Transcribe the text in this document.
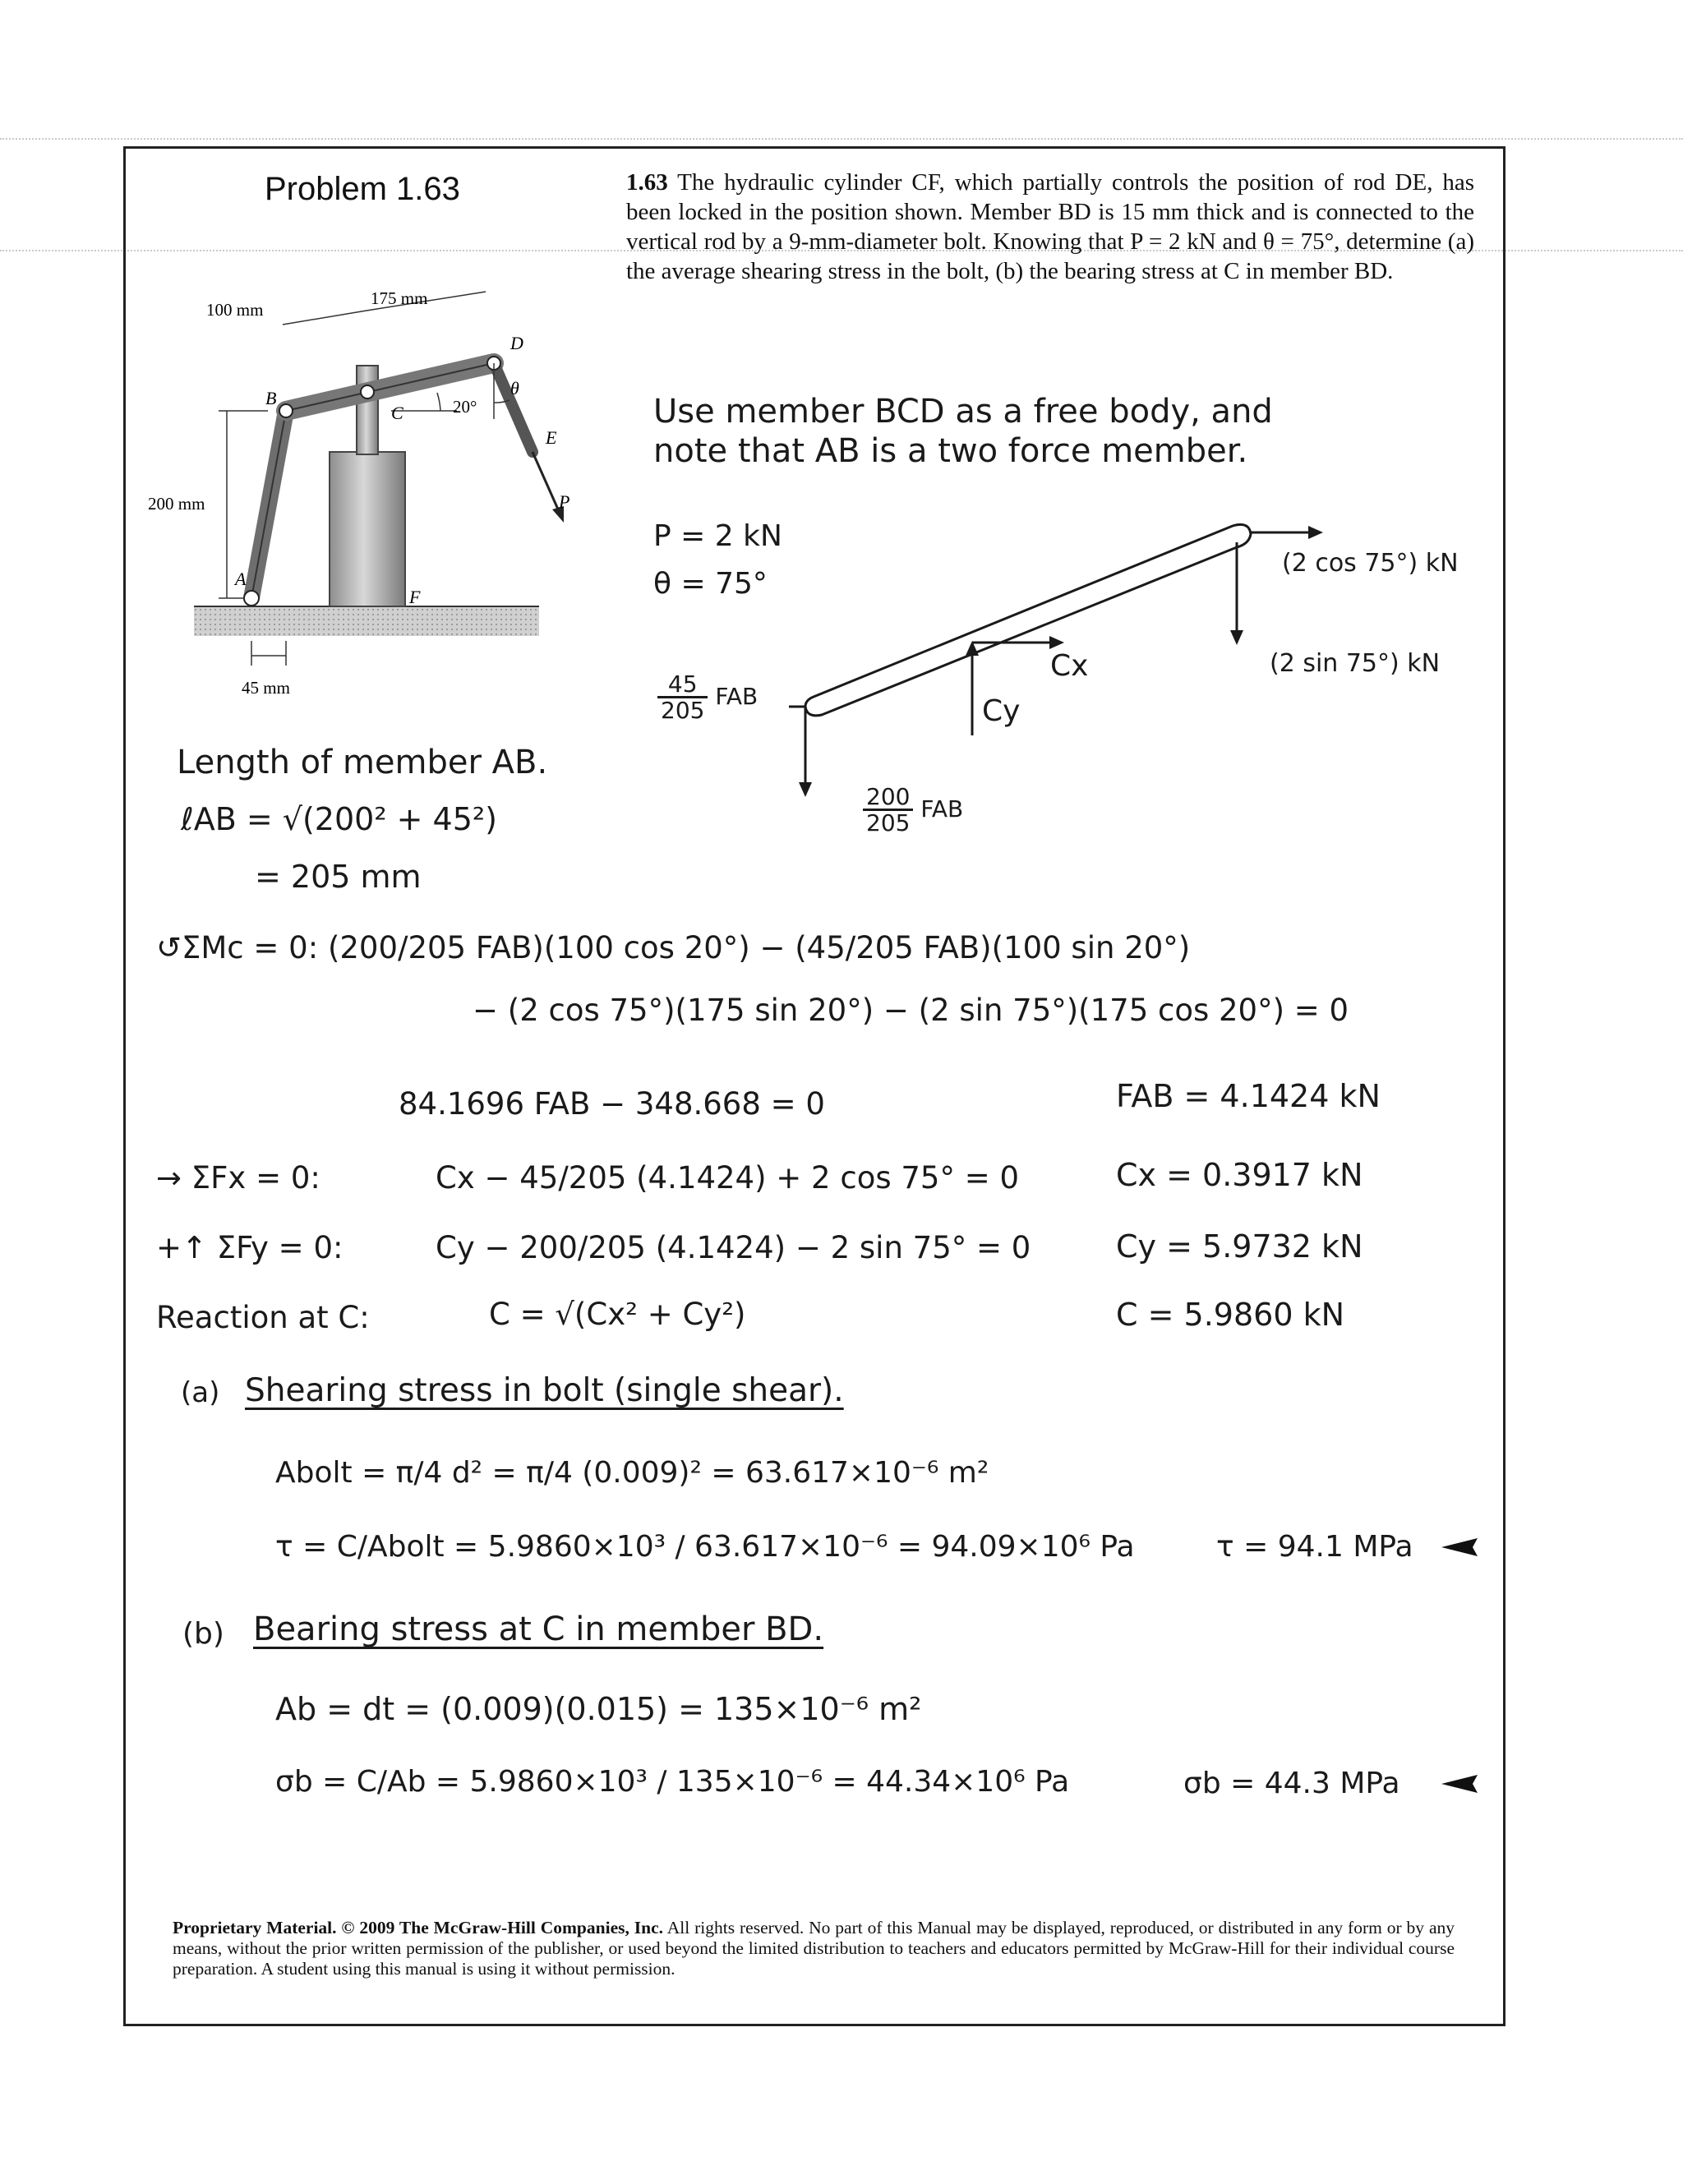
Problem 1.63	1.63 The hydraulic cylinder CF, which partially controls the position of rod DE, has been locked in the position shown. Member BD is 15 mm thick and is connected to the vertical rod by a 9-mm-diameter bolt. Knowing that P = 2 kN and θ = 75°, determine (a) the average shearing stress in the bolt, (b) the bearing stress at C in member BD.
100 mm
175 mm
200 mm
45 mm
20°
θ
A
B
C
D
E
F
P
Use member BCD as a free body, and
note that AB is a two force member.
P = 2 kN
θ = 75°
(2 cos 75°) kN
(2 sin 75°) kN
Cx
Cy
$\frac{45}{205}$ FAB
$\frac{200}{205}$ FAB
Length of member AB.
ℓAB = √(200² + 45²)
= 205 mm
↺ΣMc = 0: (200/205 FAB)(100 cos 20°) − (45/205 FAB)(100 sin 20°)
− (2 cos 75°)(175 sin 20°) − (2 sin 75°)(175 cos 20°) = 0
84.1696 FAB − 348.668 = 0	FAB = 4.1424 kN
→ ΣFx = 0:	Cx − 45/205 (4.1424) + 2 cos 75° = 0	Cx = 0.3917 kN
+↑ ΣFy = 0:	Cy − 200/205 (4.1424) − 2 sin 75° = 0	Cy = 5.9732 kN
Reaction at C:	C = √(Cx² + Cy²)	C = 5.9860 kN
(a) Shearing stress in bolt (single shear).
Abolt = π/4 d² = π/4 (0.009)² = 63.617×10⁻⁶ m²
τ = C/Abolt = 5.9860×10³ / 63.617×10⁻⁶ = 94.09×10⁶ Pa	τ = 94.1 MPa
(b) Bearing stress at C in member BD.
Ab = dt = (0.009)(0.015) = 135×10⁻⁶ m²
σb = C/Ab = 5.9860×10³ / 135×10⁻⁶ = 44.34×10⁶ Pa	σb = 44.3 MPa
Proprietary Material. © 2009 The McGraw-Hill Companies, Inc. All rights reserved. No part of this Manual may be displayed, reproduced, or distributed in any form or by any means, without the prior written permission of the publisher, or used beyond the limited distribution to teachers and educators permitted by McGraw-Hill for their individual course preparation. A student using this manual is using it without permission.
